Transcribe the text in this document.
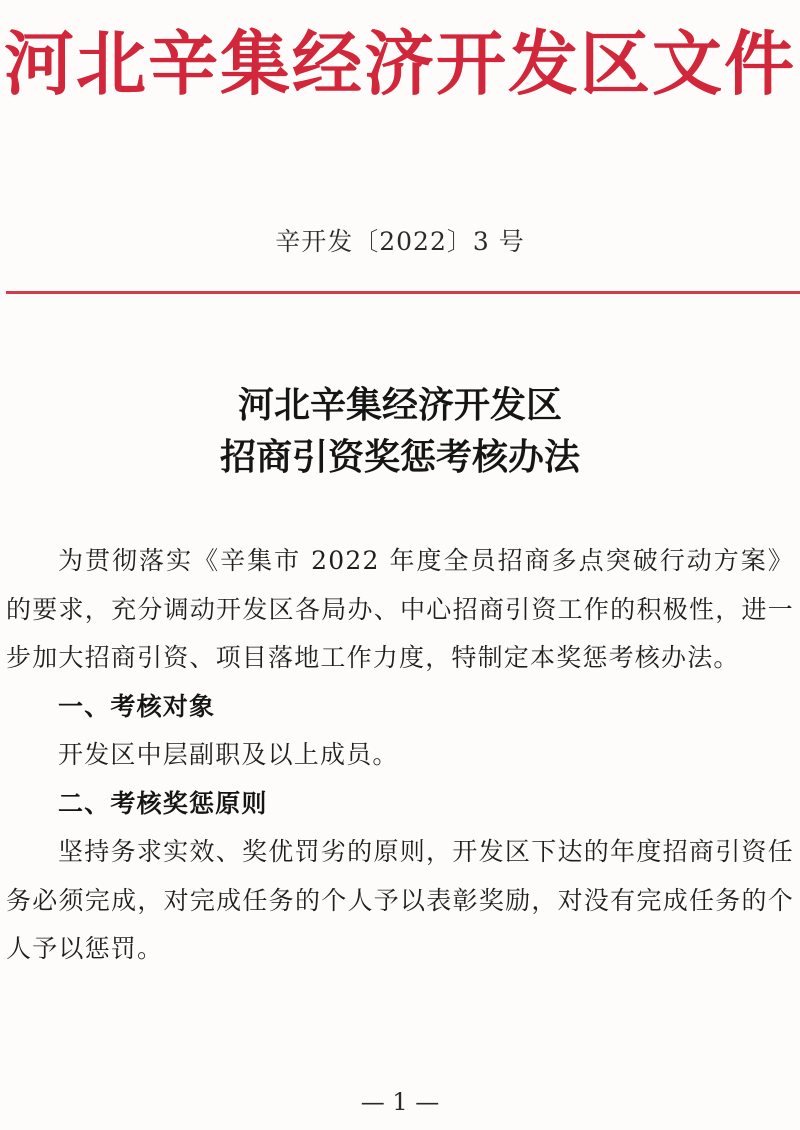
河北辛集经济开发区文件
辛开发〔2022〕3 号
河北辛集经济开发区
招商引资奖惩考核办法

为贯彻落实《辛集市 2022 年度全员招商多点突破行动方案》的要求，充分调动开发区各局办、中心招商引资工作的积极性，进一步加大招商引资、项目落地工作力度，特制定本奖惩考核办法。

一、考核对象

开发区中层副职及以上成员。

二、考核奖惩原则

坚持务求实效、奖优罚劣的原则，开发区下达的年度招商引资任务必须完成，对完成任务的个人予以表彰奖励，对没有完成任务的个人予以惩罚。

— 1 —
